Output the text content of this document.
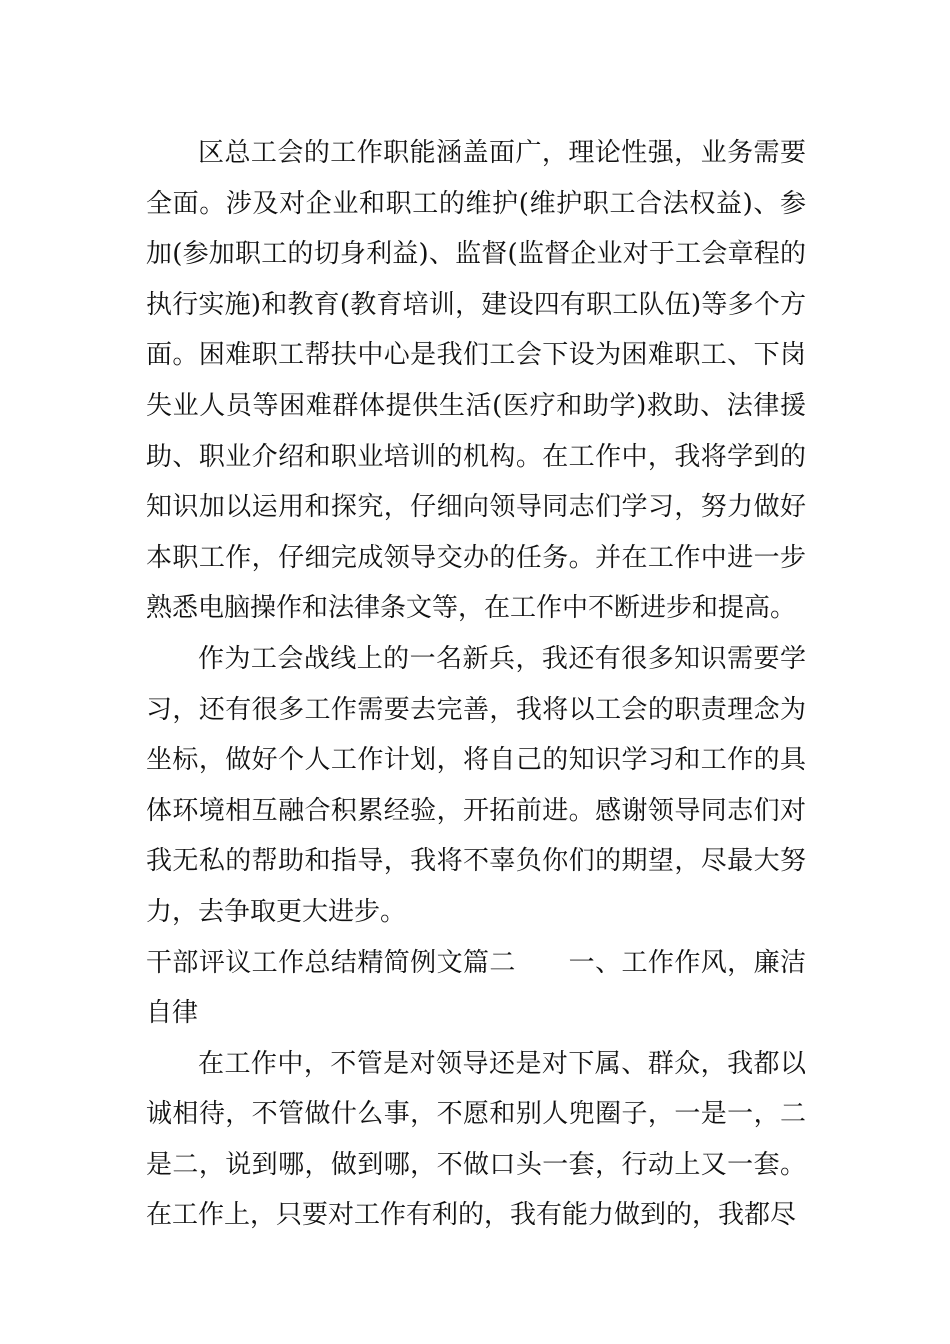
区总工会的工作职能涵盖面广，理论性强，业务需要全面。涉及对企业和职工的维护(维护职工合法权益)、参加(参加职工的切身利益)、监督(监督企业对于工会章程的执行实施)和教育(教育培训，建设四有职工队伍)等多个方面。困难职工帮扶中心是我们工会下设为困难职工、下岗失业人员等困难群体提供生活(医疗和助学)救助、法律援助、职业介绍和职业培训的机构。在工作中，我将学到的知识加以运用和探究，仔细向领导同志们学习，努力做好本职工作，仔细完成领导交办的任务。并在工作中进一步熟悉电脑操作和法律条文等，在工作中不断进步和提高。

作为工会战线上的一名新兵，我还有很多知识需要学习，还有很多工作需要去完善，我将以工会的职责理念为坐标，做好个人工作计划，将自己的知识学习和工作的具体环境相互融合积累经验，开拓前进。感谢领导同志们对我无私的帮助和指导，我将不辜负你们的期望，尽最大努力，去争取更大进步。

干部评议工作总结精简例文篇二　　一、工作作风，廉洁自律

在工作中，不管是对领导还是对下属、群众，我都以诚相待，不管做什么事，不愿和别人兜圈子，一是一，二是二，说到哪，做到哪，不做口头一套，行动上又一套。在工作上，只要对工作有利的，我有能力做到的，我都尽
